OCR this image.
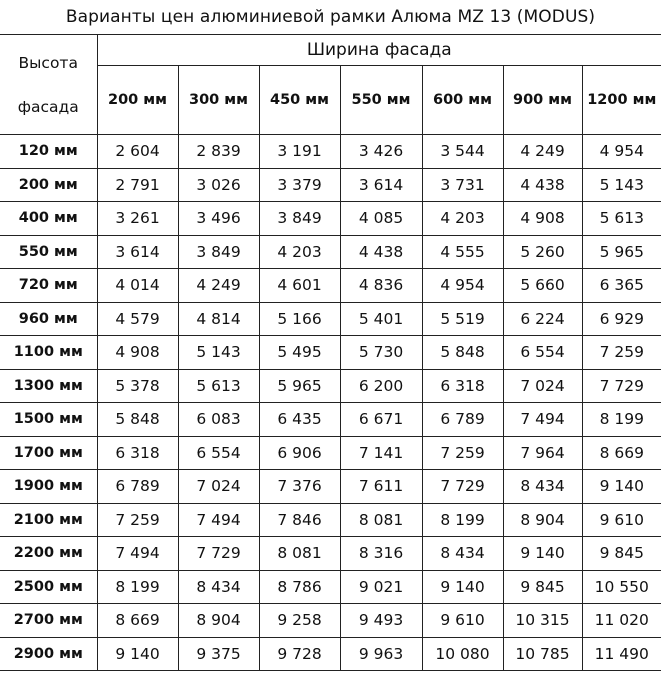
Варианты цен алюминиевой рамки Алюма MZ 13 (MODUS)
Высота
фасада	Ширина фасада						
	200 мм	300 мм	450 мм	550 мм	600 мм	900 мм	1200 мм
120 мм	2 604	2 839	3 191	3 426	3 544	4 249	4 954
200 мм	2 791	3 026	3 379	3 614	3 731	4 438	5 143
400 мм	3 261	3 496	3 849	4 085	4 203	4 908	5 613
550 мм	3 614	3 849	4 203	4 438	4 555	5 260	5 965
720 мм	4 014	4 249	4 601	4 836	4 954	5 660	6 365
960 мм	4 579	4 814	5 166	5 401	5 519	6 224	6 929
1100 мм	4 908	5 143	5 495	5 730	5 848	6 554	7 259
1300 мм	5 378	5 613	5 965	6 200	6 318	7 024	7 729
1500 мм	5 848	6 083	6 435	6 671	6 789	7 494	8 199
1700 мм	6 318	6 554	6 906	7 141	7 259	7 964	8 669
1900 мм	6 789	7 024	7 376	7 611	7 729	8 434	9 140
2100 мм	7 259	7 494	7 846	8 081	8 199	8 904	9 610
2200 мм	7 494	7 729	8 081	8 316	8 434	9 140	9 845
2500 мм	8 199	8 434	8 786	9 021	9 140	9 845	10 550
2700 мм	8 669	8 904	9 258	9 493	9 610	10 315	11 020
2900 мм	9 140	9 375	9 728	9 963	10 080	10 785	11 490
